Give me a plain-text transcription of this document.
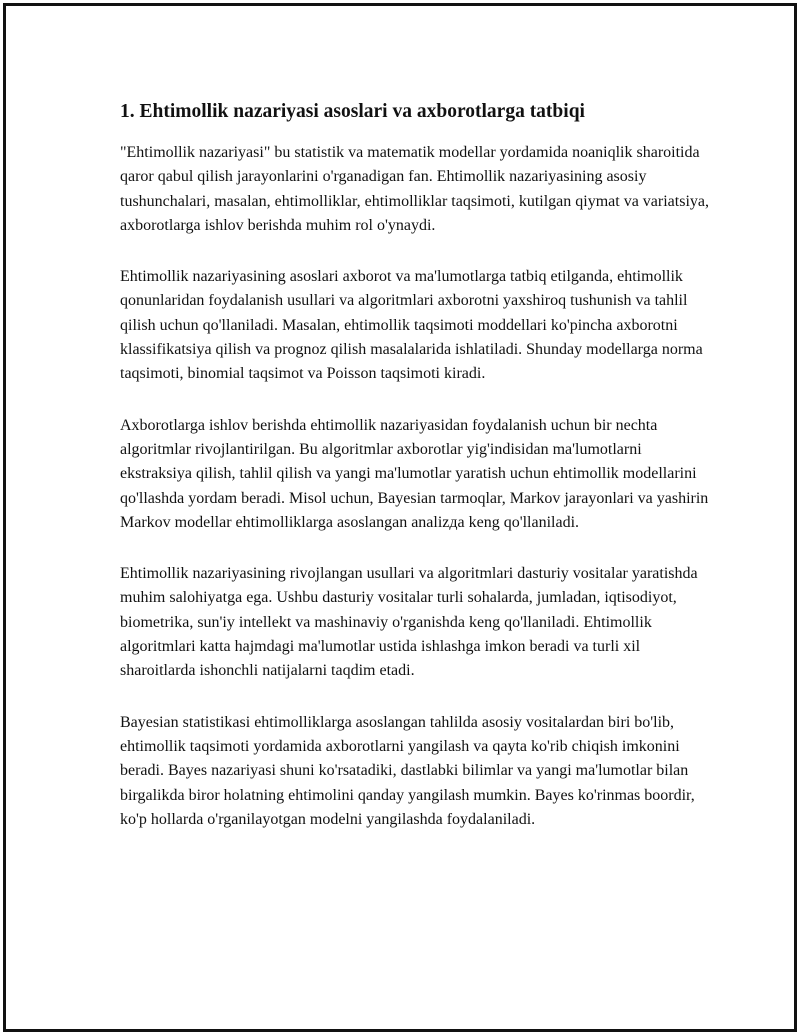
1. Ehtimollik nazariyasi asoslari va axborotlarga tatbiqi

"Ehtimollik nazariyasi" bu statistik va matematik modellar yordamida noaniqlik sharoitida qaror qabul qilish jarayonlarini o'rganadigan fan. Ehtimollik nazariyasining asosiy tushunchalari, masalan, ehtimolliklar, ehtimolliklar taqsimoti, kutilgan qiymat va variatsiya, axborotlarga ishlov berishda muhim rol o'ynaydi.

Ehtimollik nazariyasining asoslari axborot va ma'lumotlarga tatbiq etilganda, ehtimollik qonunlaridan foydalanish usullari va algoritmlari axborotni yaxshiroq tushunish va tahlil qilish uchun qo'llaniladi. Masalan, ehtimollik taqsimoti moddellari ko'pincha axborotni klassifikatsiya qilish va prognoz qilish masalalarida ishlatiladi. Shunday modellarga norma taqsimoti, binomial taqsimot va Poisson taqsimoti kiradi.

Axborotlarga ishlov berishda ehtimollik nazariyasidan foydalanish uchun bir nechta algoritmlar rivojlantirilgan. Bu algoritmlar axborotlar yig'indisidan ma'lumotlarni ekstraksiya qilish, tahlil qilish va yangi ma'lumotlar yaratish uchun ehtimollik modellarini qo'llashda yordam beradi. Misol uchun, Bayesian tarmoqlar, Markov jarayonlari va yashirin Markov modellar ehtimolliklarga asoslangan analizда keng qo'llaniladi.

Ehtimollik nazariyasining rivojlangan usullari va algoritmlari dasturiy vositalar yaratishda muhim salohiyatga ega. Ushbu dasturiy vositalar turli sohalarda, jumladan, iqtisodiyot, biometrika, sun'iy intellekt va mashinaviy o'rganishda keng qo'llaniladi. Ehtimollik algoritmlari katta hajmdagi ma'lumotlar ustida ishlashga imkon beradi va turli xil sharoitlarda ishonchli natijalarni taqdim etadi.

Bayesian statistikasi ehtimolliklarga asoslangan tahlilda asosiy vositalardan biri bo'lib, ehtimollik taqsimoti yordamida axborotlarni yangilash va qayta ko'rib chiqish imkonini beradi. Bayes nazariyasi shuni ko'rsatadiki, dastlabki bilimlar va yangi ma'lumotlar bilan birgalikda biror holatning ehtimolini qanday yangilash mumkin. Bayes ko'rinmas boordir, ko'p hollarda o'rganilayotgan modelni yangilashda foydalaniladi.
